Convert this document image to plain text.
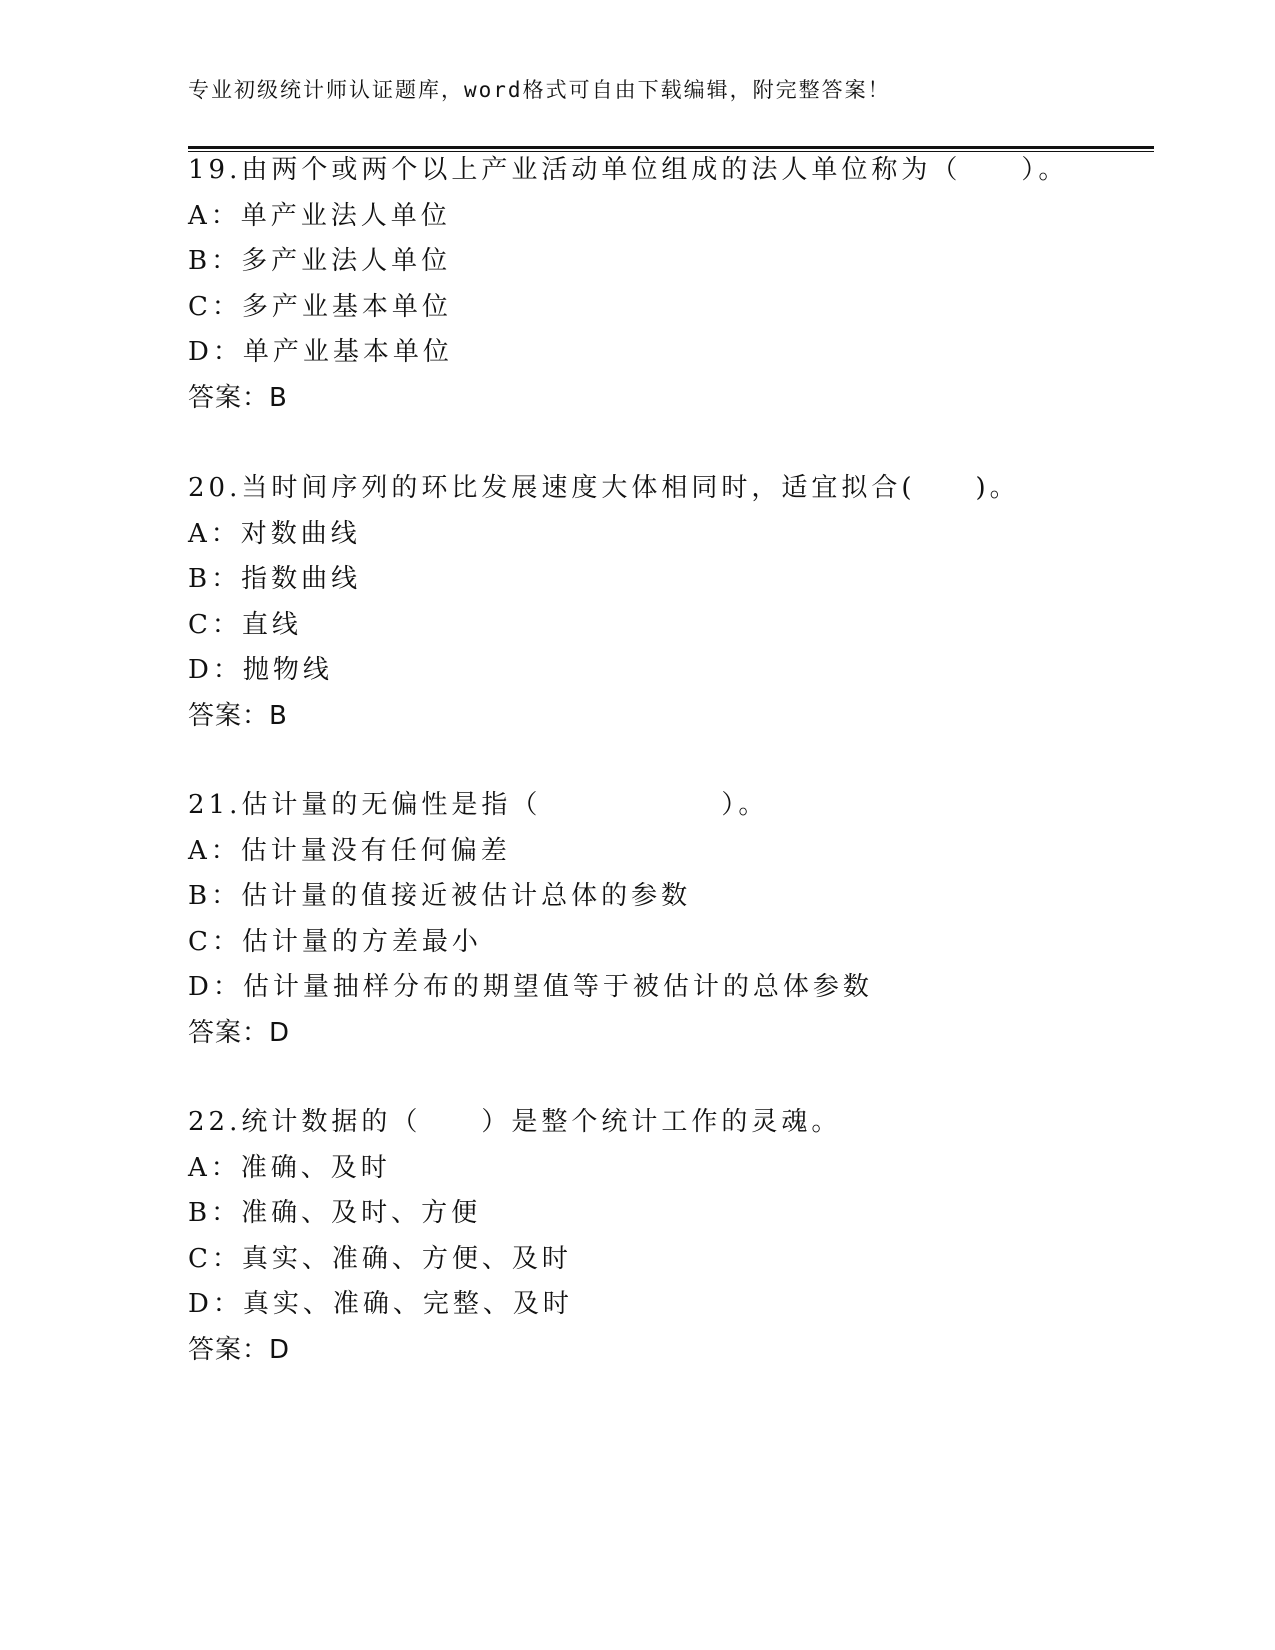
专业初级统计师认证题库，word格式可自由下载编辑，附完整答案！
19.由两个或两个以上产业活动单位组成的法人单位称为（　　）。
A：单产业法人单位
B：多产业法人单位
C：多产业基本单位
D：单产业基本单位
答案：B
20.当时间序列的环比发展速度大体相同时，适宜拟合(　　)。
A：对数曲线
B：指数曲线
C：直线
D：抛物线
答案：B
21.估计量的无偏性是指（　　　　　　）。
A：估计量没有任何偏差
B：估计量的值接近被估计总体的参数
C：估计量的方差最小
D：估计量抽样分布的期望值等于被估计的总体参数
答案：D
22.统计数据的（　　）是整个统计工作的灵魂。
A：准确、及时
B：准确、及时、方便
C：真实、准确、方便、及时
D：真实、准确、完整、及时
答案：D
